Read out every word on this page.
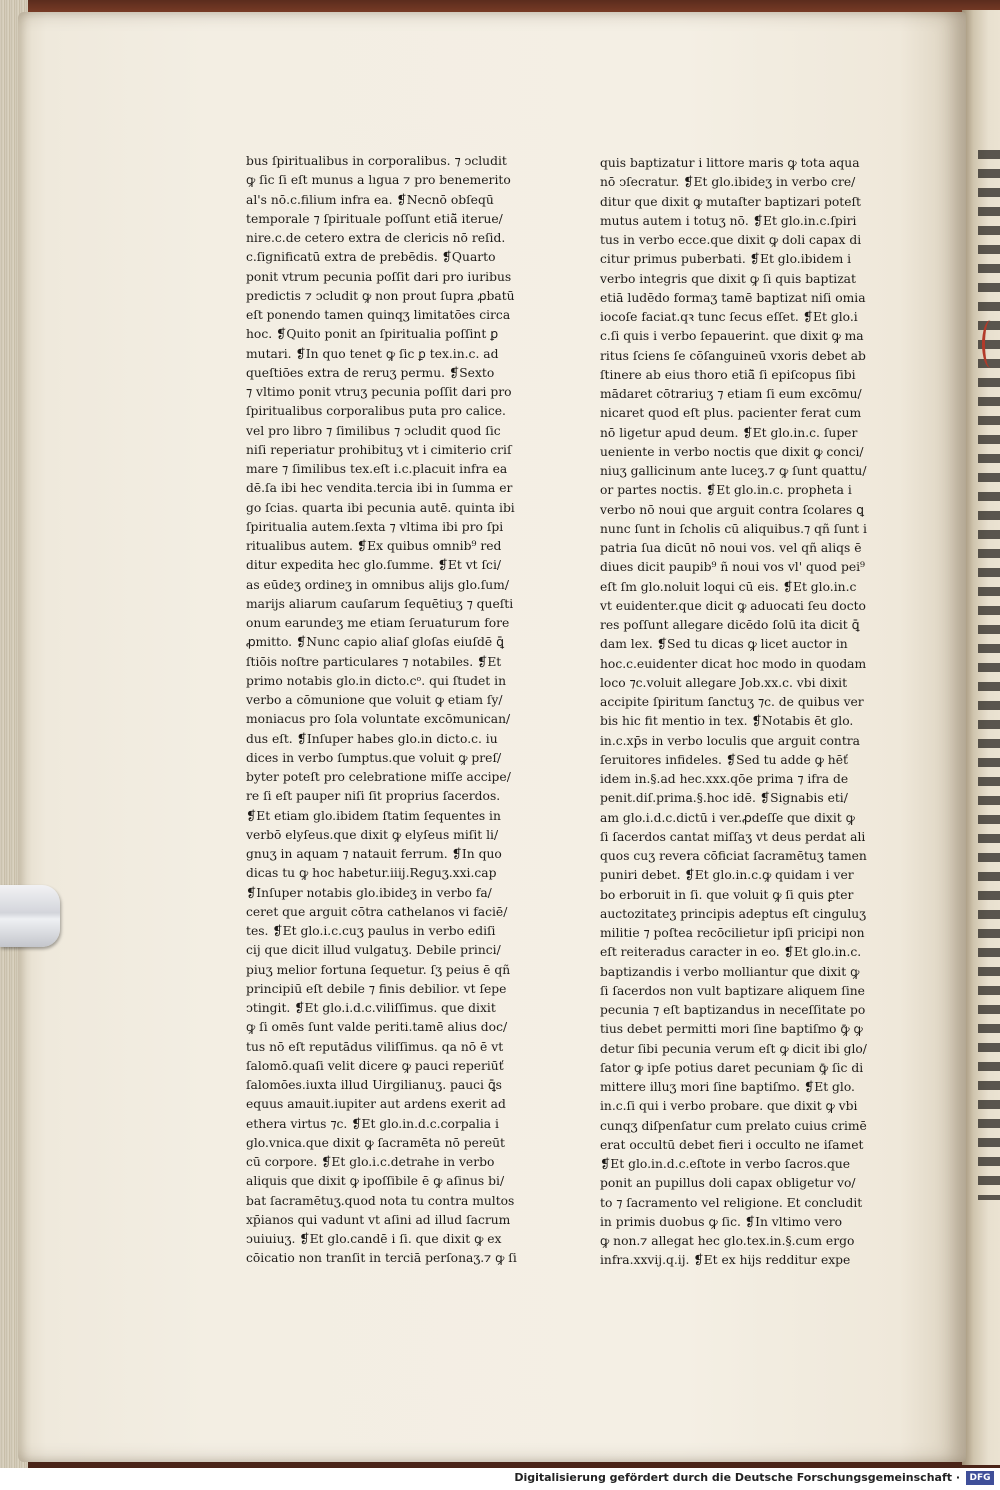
bus ſpiritualibus in corporalibus. ⁊ ↄcludit
ꝙ ſic ſi eſt munus a lıgua ⁊ pro benemerito
al's nō.c.filium infra ea. ❡Necnō obſeqū
temporale ⁊ ſpirituale poſſunt etiã̄ iterue/
nire.c.de cetero extra de clericis nō reſid.
c.ſignificatū extra de prebēdis. ❡Quarto
ponit vtrum pecunia poſſit dari pro iuribus
predictis ⁊ ↄcludit ꝙ non prout ſupra ꝓbatū
eſt ponendo tamen quinqʒ limitatōes circa
hoc. ❡Quito ponit an ſpiritualia poſſint ꝑ
mutari. ❡In quo tenet ꝙ ſic ꝑ tex.in.c. ad
queſtiōes extra de reruʒ permu. ❡Sexto
⁊ vltimo ponit vtruʒ pecunia poſſit dari pro
ſpiritualibus corporalibus puta pro calice.
vel pro libro ⁊ ſimilibus ⁊ ↄcludit quod ſic
niſi reperiatur prohibituʒ vt i cimiterio criſ
mare ⁊ ſimilibus tex.eſt i.c.placuit infra ea
dē.ſa ibi hec vendita.tercia ibi in ſumma er
go ſcias. quarta ibi pecunia autē. quinta ibi
ſpiritualia autem.ſexta ⁊ vltima ibi pro ſpi
ritualibus autem. ❡Ex quibus omnib⁹ red
ditur expedita hec glo.ſumme. ❡Et vt ſci/
as eūdeʒ ordineʒ in omnibus alijs glo.ſum/
marijs aliarum cauſarum ſequētiuʒ ⁊ queſti
onum earundeʒ me etiam ſeruaturum fore
ꝓmitto. ❡Nunc capio aliaſ gloſas eiuſdē ꝗ̄
ſtiōis noſtre particulares ⁊ notabiles. ❡Et
primo notabis glo.in dicto.cᵒ. qui ſtudet in
verbo a cōmunione que voluit ꝙ etiam ſy/
moniacus pro ſola voluntate excōmunican/
dus eſt. ❡Inſuper habes glo.in dicto.c. iu
dices in verbo ſumptus.que voluit ꝙ preſ/
byter poteſt pro celebratione miſſe accipe/
re ſi eſt pauper niſi ſit proprius ſacerdos.
❡Et etiam glo.ibidem ſtatim ſequentes in
verbō elyſeus.que dixit ꝙ elyſeus miſit li/
gnuʒ in aquam ⁊ natauit ferrum. ❡In quo
dicas tu ꝙ hoc habetur.iiij.Reguʒ.xxi.cap
❡Inſuper notabis glo.ibideʒ in verbo fa/
ceret que arguit cōtra cathelanos vi faciē/
tes. ❡Et glo.i.c.cuʒ paulus in verbo ediſi
cij que dicit illud vulgatuʒ. Debile princi/
piuʒ melior fortuna ſequetur. ſʒ peius ē qñ
principiū eſt debile ⁊ finis debilior. vt ſepe
ↄtingit. ❡Et glo.i.d.c.viliſſimus. que dixit
ꝙ ſi omēs ſunt valde periti.tamē alius doc/
tus nō eſt reputādus viliſſimus. qa nō ē vt
ſalomō.quaſi velit dicere ꝙ pauci reperiūť
ſalomōes.iuxta illud Uirgilianuʒ. pauci ꝗ̄s
equus amauit.iupiter aut ardens exerit ad
ethera virtus ⁊c. ❡Et glo.in.d.c.corpalia i
glo.vnica.que dixit ꝙ ſacramēta nō pereūt
cū corpore. ❡Et glo.i.c.detrahe in verbo
aliquis que dixit ꝙ ipoſſibile ē ꝙ aſinus bi/
bat ſacramētuʒ.quod nota tu contra multos
xp̄ianos qui vadunt vt aſini ad illud ſacrum
ↄuiuiuʒ. ❡Et glo.candē i ſi. que dixit ꝙ ex
cōicatio non tranſit in terciā perſonaʒ.⁊ ꝙ ſi
quis baptizatur i littore maris ꝙ tota aqua
nō ↄſecratur. ❡Et glo.ibideʒ in verbo cre/
ditur que dixit ꝙ mutaſter baptizari poteſt
mutus autem i totuʒ nō. ❡Et glo.in.c.ſpiri
tus in verbo ecce.que dixit ꝙ doli capax di
citur primus puberbati. ❡Et glo.ibidem i
verbo integris que dixit ꝙ ſi quis baptizat
etiā ludēdo formaʒ tamē baptizat niſi omia
iocoſe faciat.qꝛ tunc ſecus eſſet. ❡Et glo.i
c.ſi quis i verbo ſepauerint. que dixit ꝙ ma
ritus ſciens ſe cōſanguineū vxoris debet ab
ſtinere ab eius thoro etiã̄ ſi epiſcopus ſibi
mādaret cōtrariuʒ ⁊ etiam ſi eum excōmu/
nicaret quod eſt plus. pacienter ferat cum
nō ligetur apud deum. ❡Et glo.in.c. ſuper
ueniente in verbo noctis que dixit ꝙ conci/
niuʒ gallicinum ante luceʒ.⁊ ꝙ ſunt quattu/
or partes noctis. ❡Et glo.in.c. propheta i
verbo nō noui que arguit contra ſcolares ꝗ
nunc ſunt in ſcholis cū aliquibus.⁊ qñ ſunt i
patria ſua dicūt nō noui vos. vel qñ aliqs ē
diues dicit paupib⁹ ñ noui vos vl' quod pei⁹
eſt ſm glo.noluit loqui cū eis. ❡Et glo.in.c
vt euidenter.que dicit ꝙ aduocati ſeu docto
res poſſunt allegare dicēdo ſolū ita dicit ꝗ̄
dam lex. ❡Sed tu dicas ꝙ licet auctor in
hoc.c.euidenter dicat hoc modo in quodam
loco ⁊c.voluit allegare Job.xx.c. vbi dixit
accipite ſpiritum ſanctuʒ ⁊c. de quibus ver
bis hic fit mentio in tex. ❡Notabis ēt glo.
in.c.xp̄s in verbo loculis que arguit contra
ſeruitores infideles. ❡Sed tu adde ꝙ hēť
idem in.§.ad hec.xxx.qōe prima ⁊ ifra de
penit.diſ.prima.§.hoc idē. ❡Signabis eti/
am glo.i.d.c.dictū i ver.ꝓdeſſe que dixit ꝙ
ſi ſacerdos cantat miſſaʒ vt deus perdat ali
quos cuʒ revera cōficiat ſacramētuʒ tamen
puniri debet. ❡Et glo.in.c.ꝙ quidam i ver
bo erboruit in ſi. que voluit ꝙ ſi quis ꝑter
auctozitateʒ principis adeptus eſt cinguluʒ
militie ⁊ poſtea recōcilietur ipſi pricipi non
eſt reiteradus caracter in eo. ❡Et glo.in.c.
baptizandis i verbo molliantur que dixit ꝙ
ſi ſacerdos non vult baptizare aliquem ſine
pecunia ⁊ eſt baptizandus in neceſſitate po
tius debet permitti mori ſine baptiſmo ꝙ̄ ꝙ
detur ſibi pecunia verum eſt ꝙ dicit ibi glo/
ſator ꝙ ipſe potius daret pecuniam ꝙ̄ ſic di
mittere illuʒ mori ſine baptiſmo. ❡Et glo.
in.c.ſi qui i verbo probare. que dixit ꝙ vbi
cunqʒ diſpenſatur cum prelato cuius crimē
erat occultū debet fieri i occulto ne iſamet
❡Et glo.in.d.c.eſtote in verbo ſacros.que
ponit an pupillus doli capax obligetur vo/
to ⁊ ſacramento vel religione. Et concludit
in primis duobus ꝙ ſic. ❡In vltimo vero
ꝙ non.⁊ allegat hec glo.tex.in.§.cum ergo
infra.xxvij.q.ij. ❡Et ex hijs redditur expe
Digitalisierung gefördert durch die Deutsche Forschungsgemeinschaft ·	DFG
